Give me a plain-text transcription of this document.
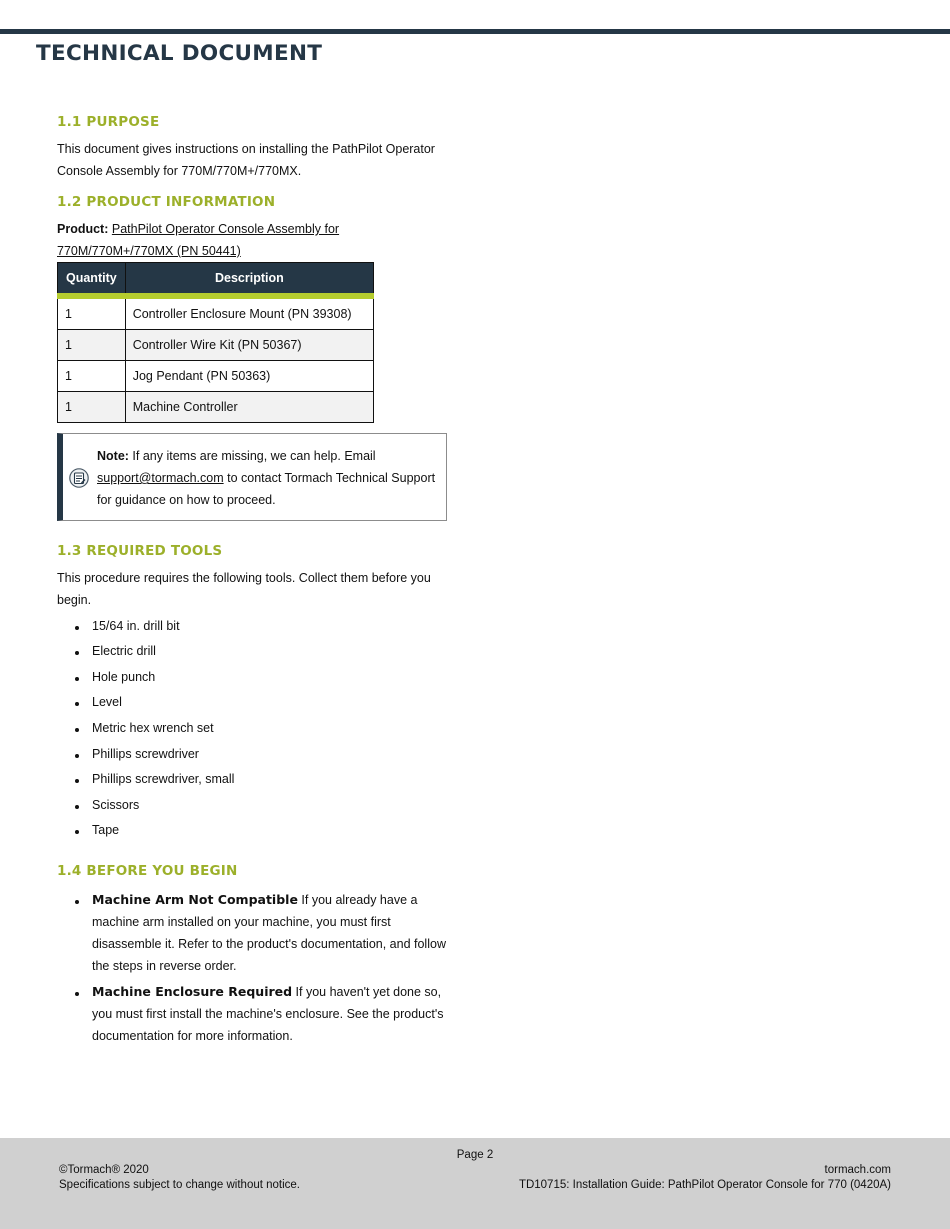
TECHNICAL DOCUMENT
1.1 PURPOSE

This document gives instructions on installing the PathPilot Operator Console Assembly for 770M/770M+/770MX.

1.2 PRODUCT INFORMATION

Product: PathPilot Operator Console Assembly for 770M/770M+/770MX (PN 50441)

Quantity	Description
1	Controller Enclosure Mount (PN 39308)
1	Controller Wire Kit (PN 50367)
1	Jog Pendant (PN 50363)
1	Machine Controller
Note: If any items are missing, we can help. Email support@tormach.com to contact Tormach Technical Support for guidance on how to proceed.
1.3 REQUIRED TOOLS

This procedure requires the following tools. Collect them before you begin.

15/64 in. drill bit
Electric drill
Hole punch
Level
Metric hex wrench set
Phillips screwdriver
Phillips screwdriver, small
Scissors
Tape
1.4 BEFORE YOU BEGIN
Machine Arm Not Compatible If you already have a machine arm installed on your machine, you must first disassemble it. Refer to the product's documentation, and follow the steps in reverse order.
Machine Enclosure Required If you haven't yet done so, you must first install the machine's enclosure. See the product's documentation for more information.
Page 2
©Tormach® 2020
Specifications subject to change without notice.
tormach.com
TD10715: Installation Guide: PathPilot Operator Console for 770 (0420A)
